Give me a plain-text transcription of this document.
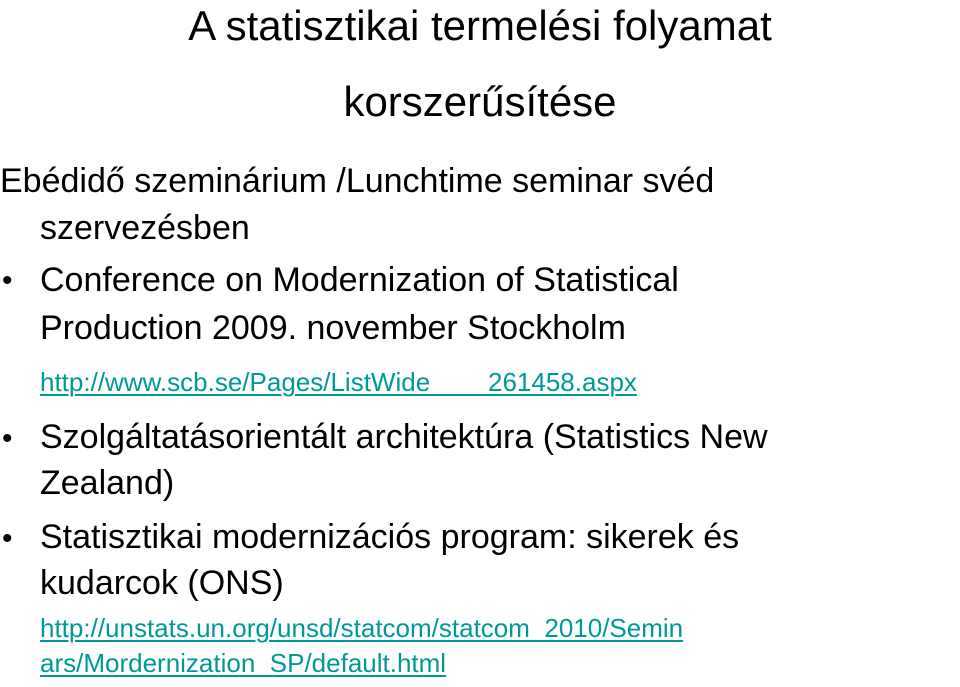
A statisztikai termelési folyamat
korszerűsítése
Ebédidő szeminárium /Lunchtime seminar svéd
szervezésben
• Conference on Modernization of Statistical
Production 2009. november Stockholm
http://www.scb.se/Pages/ListWide____261458.aspx
• Szolgáltatásorientált architektúra (Statistics New
Zealand)
• Statisztikai modernizációs program: sikerek és
kudarcok (ONS)
http://unstats.un.org/unsd/statcom/statcom_2010/Semin
ars/Mordernization_SP/default.html
